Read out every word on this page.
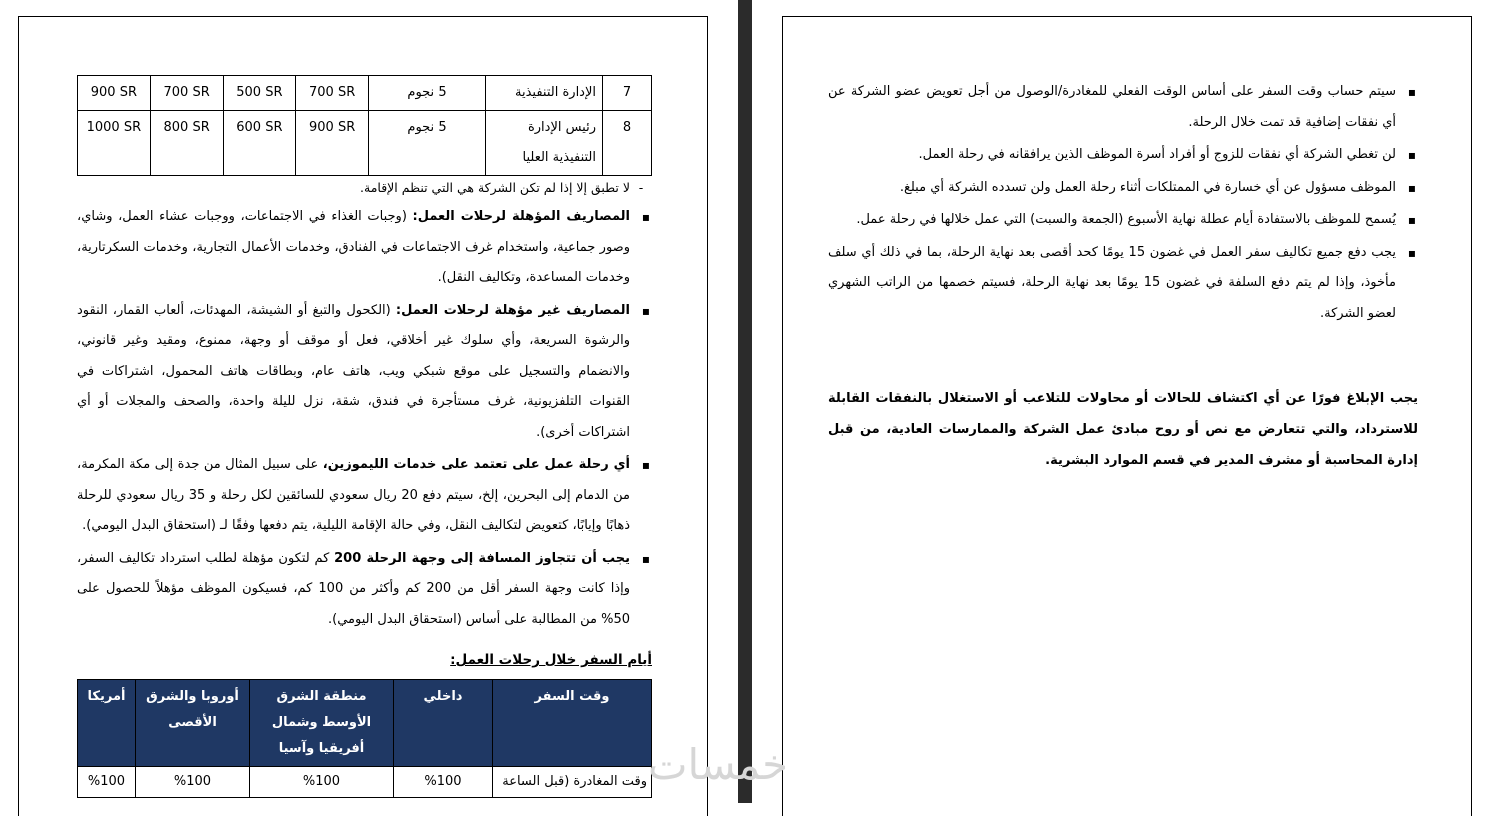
7	الإدارة التنفيذية	5 نجوم	700 SR	500 SR	700 SR	900 SR
8	رئيس الإدارة التنفيذية العليا	5 نجوم	900 SR	600 SR	800 SR	1000 SR
-لا تطبق إلا إذا لم تكن الشركة هي التي تنظم الإقامة.
▪ المصاريف المؤهلة لرحلات العمل: (وجبات الغذاء في الاجتماعات، ووجبات عشاء العمل، وشاي، وصور جماعية، واستخدام غرف الاجتماعات في الفنادق، وخدمات الأعمال التجارية، وخدمات السكرتارية، وخدمات المساعدة، وتكاليف النقل).
▪ المصاريف غير مؤهلة لرحلات العمل: (الكحول والتبغ أو الشيشة، المهدئات، ألعاب القمار، النقود والرشوة السريعة، وأي سلوك غير أخلاقي، فعل أو موقف أو وجهة، ممنوع، ومقيد وغير قانوني، والانضمام والتسجيل على موقع شبكي ويب، هاتف عام، وبطاقات هاتف المحمول، اشتراكات في القنوات التلفزيونية، غرف مستأجرة في فندق، شقة، نزل لليلة واحدة، والصحف والمجلات أو أي اشتراكات أخرى).
▪ أي رحلة عمل على تعتمد على خدمات الليموزين، على سبيل المثال من جدة إلى مكة المكرمة، من الدمام إلى البحرين، إلخ، سيتم دفع 20 ريال سعودي للسائقين لكل رحلة و 35 ريال سعودي للرحلة ذهابًا وإيابًا، كتعويض لتكاليف النقل، وفي حالة الإقامة الليلية، يتم دفعها وفقًا لـ (استحقاق البدل اليومي).
▪ يجب أن تتجاوز المسافة إلى وجهة الرحلة 200 كم لتكون مؤهلة لطلب استرداد تكاليف السفر، وإذا كانت وجهة السفر أقل من 200 كم وأكثر من 100 كم، فسيكون الموظف مؤهلاً للحصول على 50% من المطالبة على أساس (استحقاق البدل اليومي).
أيام السفر خلال رحلات العمل:
وقت السفر	داخلي	منطقة الشرق الأوسط وشمال أفريقيا وآسيا	أوروبا والشرق الأقصى	أمريكا
وقت المغادرة (قبل الساعة	%100	%100	%100	%100
▪ سيتم حساب وقت السفر على أساس الوقت الفعلي للمغادرة/الوصول من أجل تعويض عضو الشركة عن أي نفقات إضافية قد تمت خلال الرحلة.
▪ لن تغطي الشركة أي نفقات للزوج أو أفراد أسرة الموظف الذين يرافقانه في رحلة العمل.
▪ الموظف مسؤول عن أي خسارة في الممتلكات أثناء رحلة العمل ولن تسدده الشركة أي مبلغ.
▪ يُسمح للموظف بالاستفادة أيام عطلة نهاية الأسبوع (الجمعة والسبت) التي عمل خلالها في رحلة عمل.
▪ يجب دفع جميع تكاليف سفر العمل في غضون 15 يومًا كحد أقصى بعد نهاية الرحلة، بما في ذلك أي سلف مأخوذ، وإذا لم يتم دفع السلفة في غضون 15 يومًا بعد نهاية الرحلة، فسيتم خصمها من الراتب الشهري لعضو الشركة.
يجب الإبلاغ فورًا عن أي اكتشاف للحالات أو محاولات للتلاعب أو الاستغلال بالنفقات القابلة للاسترداد، والتي تتعارض مع نص أو روح مبادئ عمل الشركة والممارسات العادية، من قبل إدارة المحاسبة أو مشرف المدير في قسم الموارد البشرية.
خمسات
